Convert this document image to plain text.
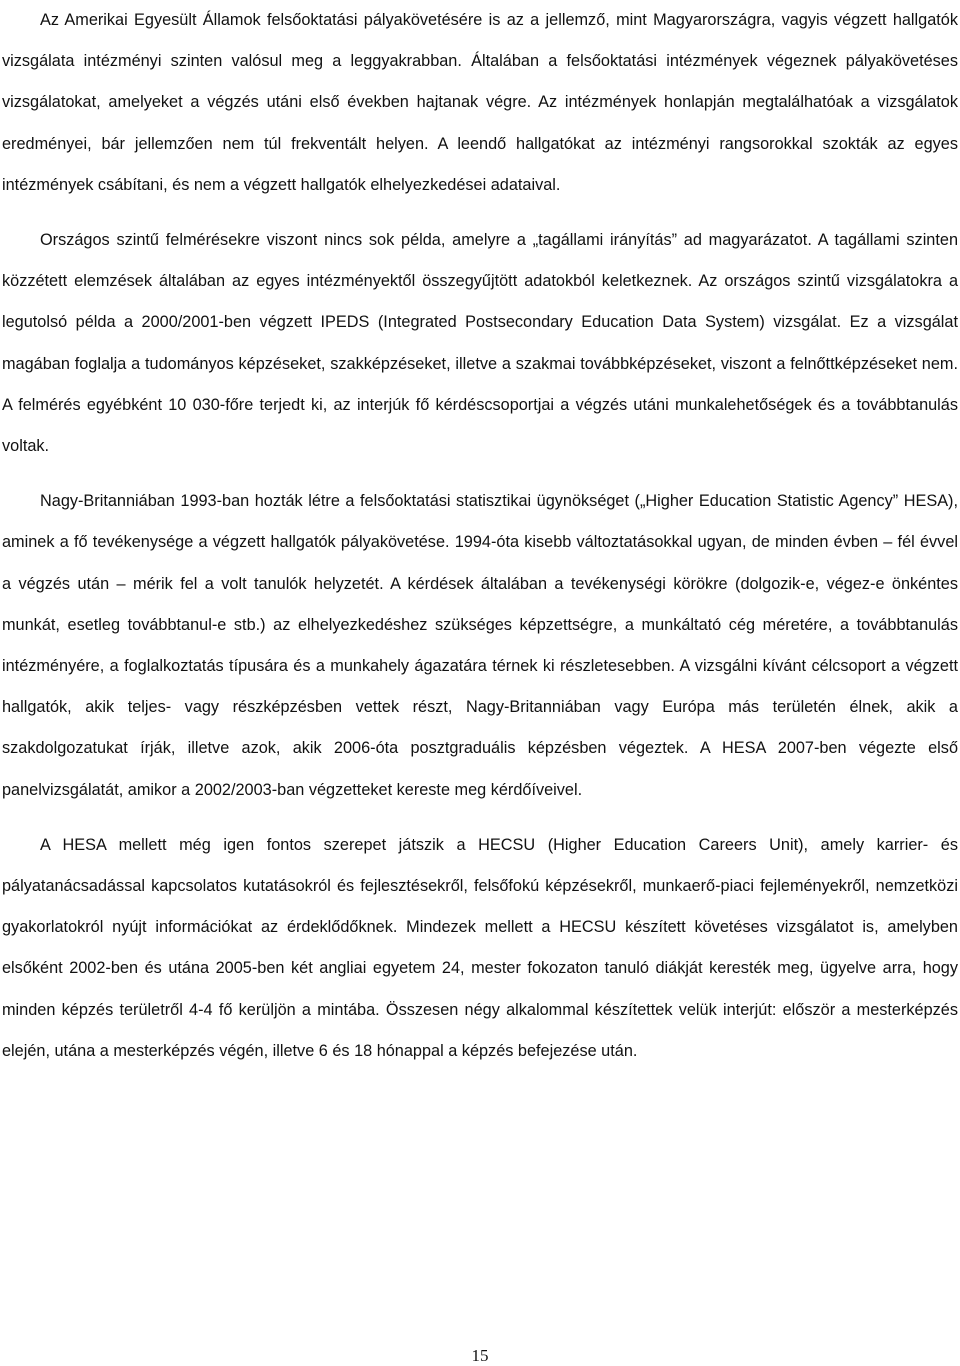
Az Amerikai Egyesült Államok felsőoktatási pályakövetésére is az a jellemző, mint Magyarországra, vagyis végzett hallgatók vizsgálata intézményi szinten valósul meg a leggyakrabban. Általában a felsőoktatási intézmények végeznek pályakövetéses vizsgálatokat, amelyeket a végzés utáni első években hajtanak végre. Az intézmények honlapján megtalálhatóak a vizsgálatok eredményei, bár jellemzően nem túl frekventált helyen. A leendő hallgatókat az intézményi rangsorokkal szokták az egyes intézmények csábítani, és nem a végzett hallgatók elhelyezkedései adataival.

Országos szintű felmérésekre viszont nincs sok példa, amelyre a „tagállami irányítás” ad magyarázatot. A tagállami szinten közzétett elemzések általában az egyes intézményektől összegyűjtött adatokból keletkeznek. Az országos szintű vizsgálatokra a legutolsó példa a 2000/2001-ben végzett IPEDS (Integrated Postsecondary Education Data System) vizsgálat. Ez a vizsgálat magában foglalja a tudományos képzéseket, szakképzéseket, illetve a szakmai továbbképzéseket, viszont a felnőttképzéseket nem. A felmérés egyébként 10 030-főre terjedt ki, az interjúk fő kérdéscsoportjai a végzés utáni munkalehetőségek és a továbbtanulás voltak.

Nagy-Britanniában 1993-ban hozták létre a felsőoktatási statisztikai ügynökséget („Higher Education Statistic Agency” HESA), aminek a fő tevékenysége a végzett hallgatók pályakövetése. 1994-óta kisebb változtatásokkal ugyan, de minden évben – fél évvel a végzés után – mérik fel a volt tanulók helyzetét. A kérdések általában a tevékenységi körökre (dolgozik-e, végez-e önkéntes munkát, esetleg továbbtanul-e stb.) az elhelyezkedéshez szükséges képzettségre, a munkáltató cég méretére, a továbbtanulás intézményére, a foglalkoztatás típusára és a munkahely ágazatára térnek ki részletesebben. A vizsgálni kívánt célcsoport a végzett hallgatók, akik teljes- vagy részképzésben vettek részt, Nagy-Britanniában vagy Európa más területén élnek, akik a szakdolgozatukat írják, illetve azok, akik 2006-óta posztgraduális képzésben végeztek. A HESA 2007-ben végezte első panelvizsgálatát, amikor a 2002/2003-ban végzetteket kereste meg kérdőíveivel.

A HESA mellett még igen fontos szerepet játszik a HECSU (Higher Education Careers Unit), amely karrier- és pályatanácsadással kapcsolatos kutatásokról és fejlesztésekről, felsőfokú képzésekről, munkaerő-piaci fejleményekről, nemzetközi gyakorlatokról nyújt információkat az érdeklődőknek. Mindezek mellett a HECSU készített követéses vizsgálatot is, amelyben elsőként 2002-ben és utána 2005-ben két angliai egyetem 24, mester fokozaton tanuló diákját keresték meg, ügyelve arra, hogy minden képzés területről 4-4 fő kerüljön a mintába. Összesen négy alkalommal készítettek velük interjút: először a mesterképzés elején, utána a mesterképzés végén, illetve 6 és 18 hónappal a képzés befejezése után.

15
